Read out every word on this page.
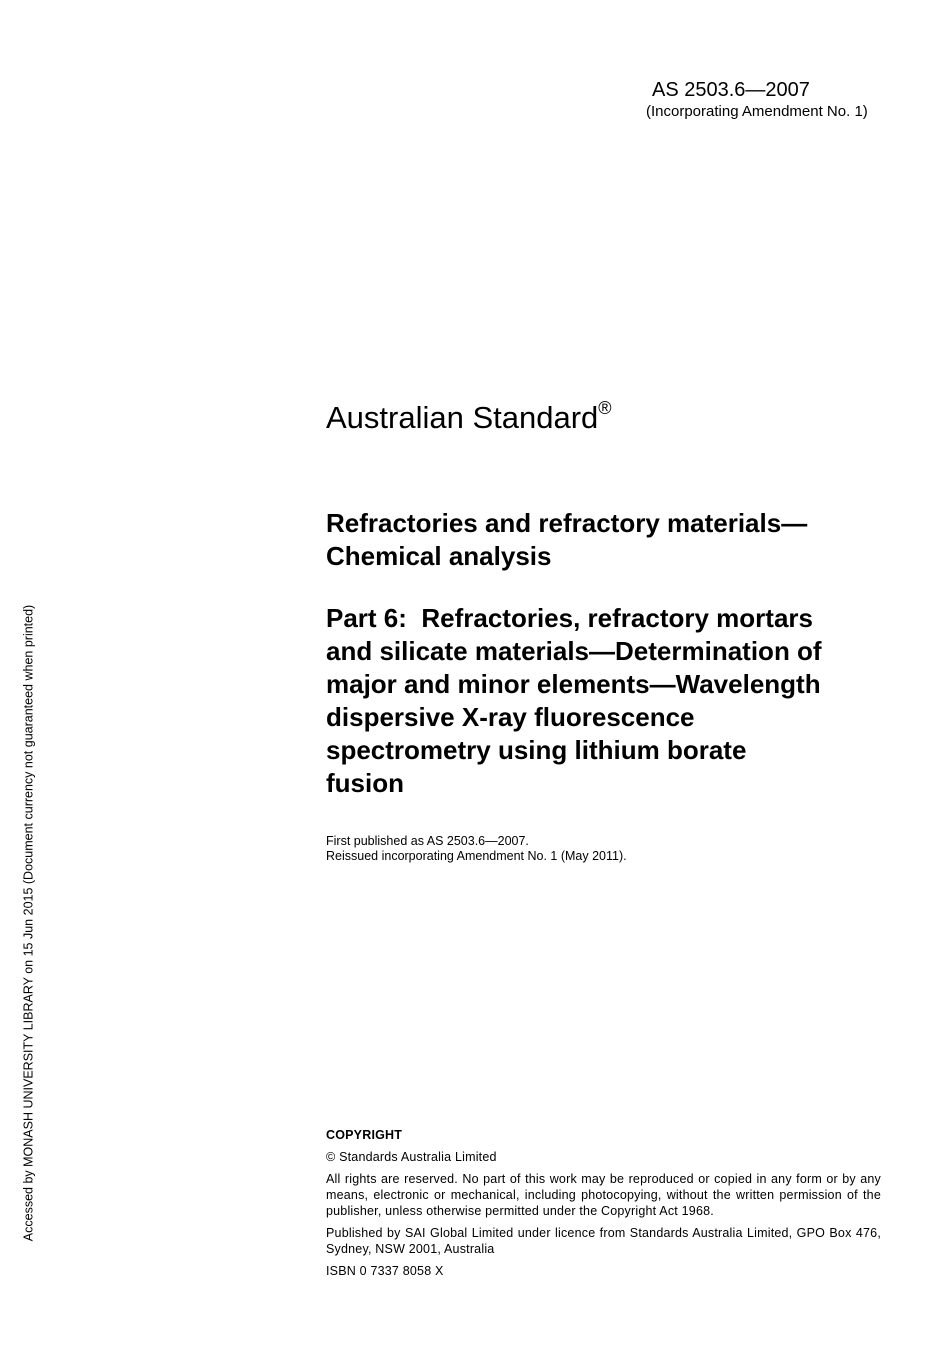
AS 2503.6—2007
(Incorporating Amendment No. 1)
Australian Standard®
Refractories and refractory materials—
Chemical analysis
Part 6:  Refractories, refractory mortars
and silicate materials—Determination of
major and minor elements—Wavelength
dispersive X-ray fluorescence
spectrometry using lithium borate
fusion
First published as AS 2503.6—2007.
Reissued incorporating Amendment No. 1 (May 2011).
COPYRIGHT

© Standards Australia Limited

All rights are reserved. No part of this work may be reproduced or copied in any form or by any means, electronic or mechanical, including photocopying, without the written permission of the publisher, unless otherwise permitted under the Copyright Act 1968.

Published by SAI Global Limited under licence from Standards Australia Limited, GPO Box 476, Sydney, NSW 2001, Australia

ISBN 0 7337 8058 X

Accessed by MONASH UNIVERSITY LIBRARY on 15 Jun 2015 (Document currency not guaranteed when printed)
